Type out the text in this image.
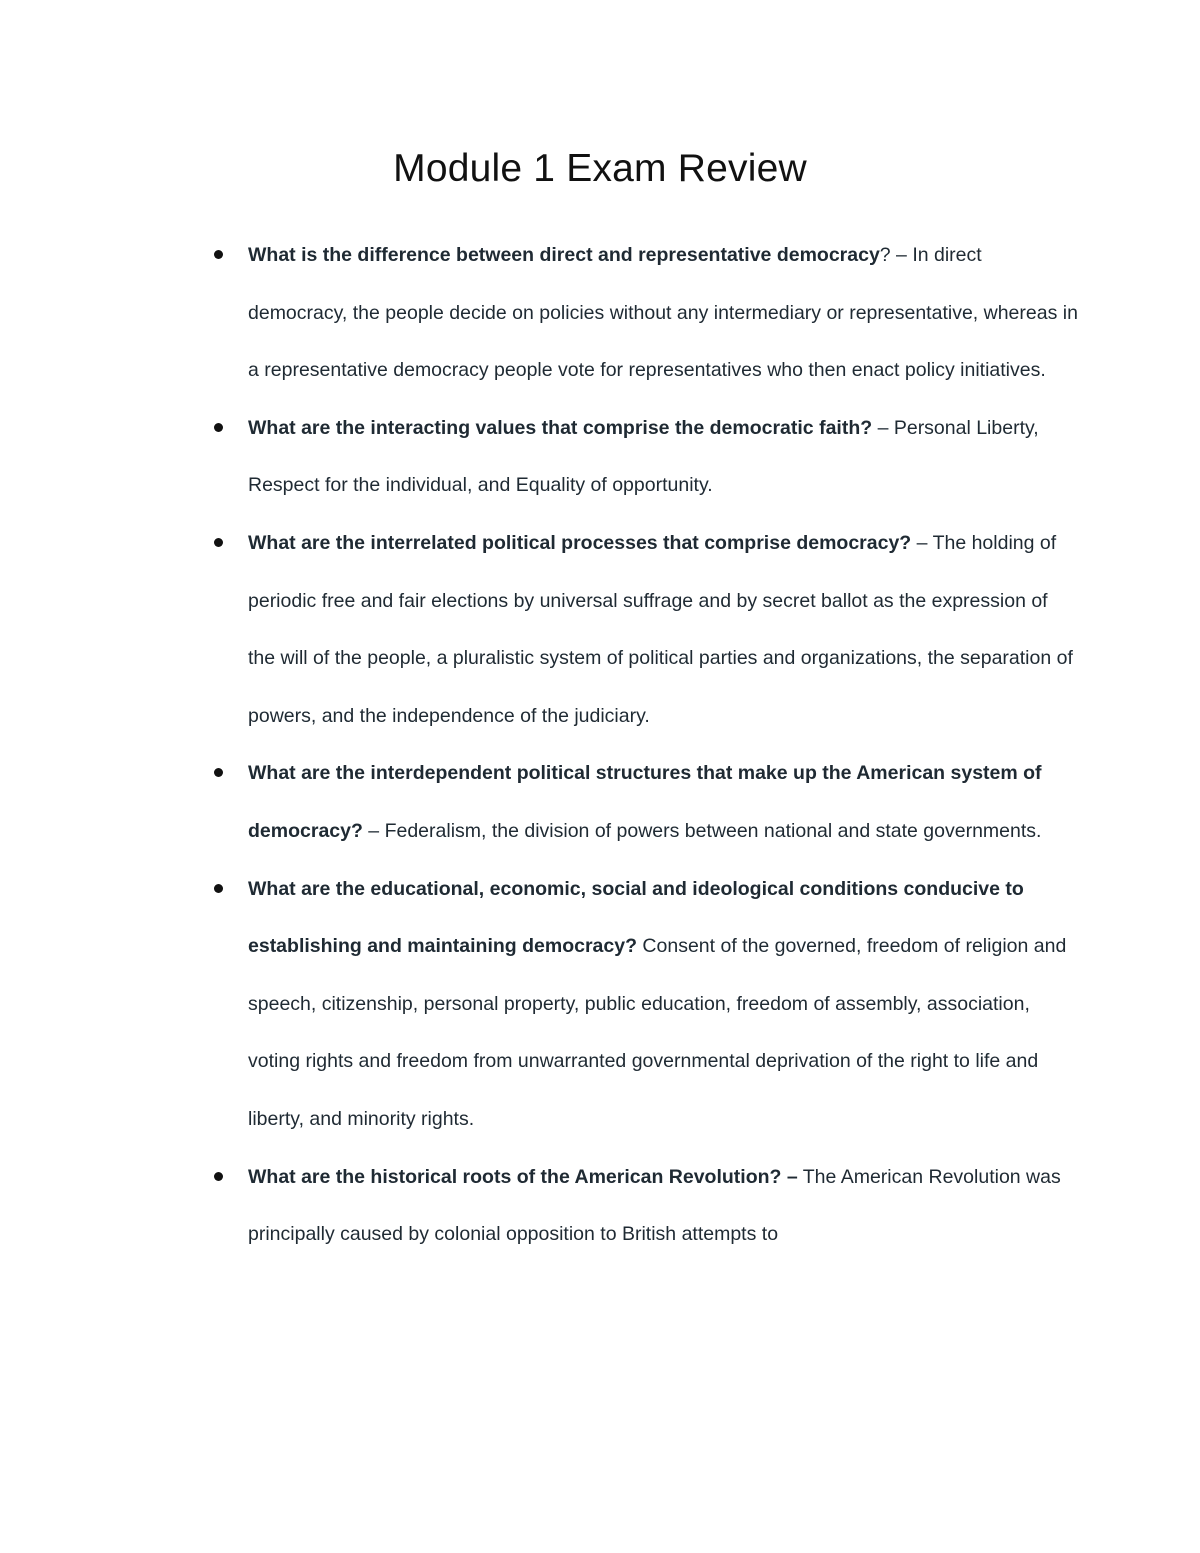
Module 1 Exam Review
What is the difference between direct and representative democracy? – In direct democracy, the people decide on policies without any intermediary or representative, whereas in a representative democracy people vote for representatives who then enact policy initiatives.
What are the interacting values that comprise the democratic faith? – Personal Liberty, Respect for the individual, and Equality of opportunity.
What are the interrelated political processes that comprise democracy? – The holding of periodic free and fair elections by universal suffrage and by secret ballot as the expression of the will of the people, a pluralistic system of political parties and organizations, the separation of powers, and the independence of the judiciary.
What are the interdependent political structures that make up the American system of democracy? – Federalism, the division of powers between national and state governments.
What are the educational, economic, social and ideological conditions conducive to establishing and maintaining democracy? Consent of the governed, freedom of religion and speech, citizenship, personal property, public education, freedom of assembly, association, voting rights and freedom from unwarranted governmental deprivation of the right to life and liberty, and minority rights.
What are the historical roots of the American Revolution? – The American Revolution was principally caused by colonial opposition to British attempts to
